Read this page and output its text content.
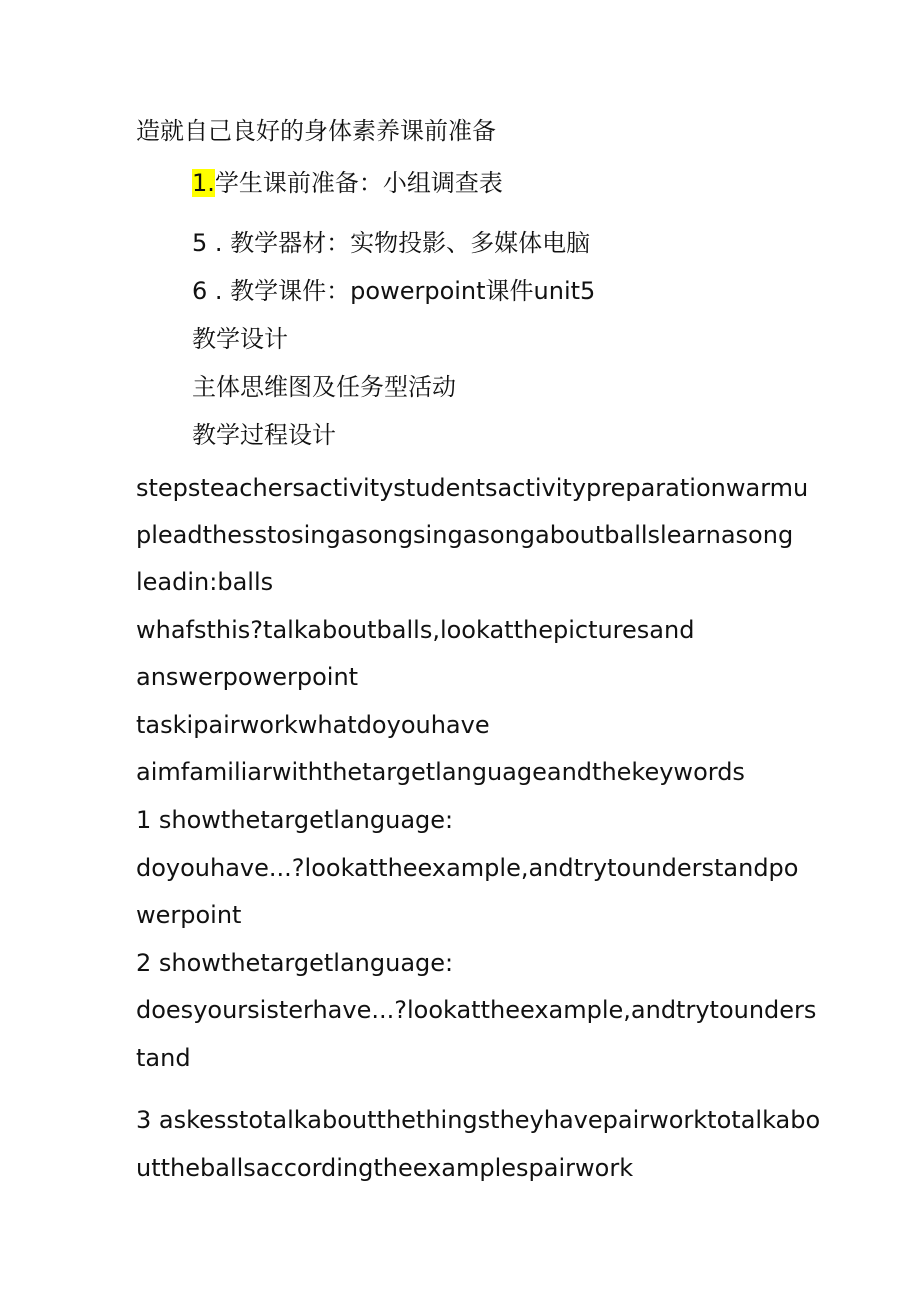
造就自己良好的身体素养课前准备
1.学生课前准备：小组调查表
5 . 教学器材：实物投影、多媒体电脑
6 . 教学课件：powerpoint课件unit5
教学设计
主体思维图及任务型活动
教学过程设计
stepsteachersactivitystudentsactivitypreparationwarmu
pleadthesstosingasongsingasongaboutballslearnasong
leadin:balls
whafsthis?talkaboutballs,lookatthepicturesand
answerpowerpoint
taskipairworkwhatdoyouhave
aimfamiliarwiththetargetlanguageandthekeywords
1 showthetargetlanguage:
doyouhave...?lookattheexample,andtrytounderstandpo
werpoint
2 showthetargetlanguage:
doesyoursisterhave...?lookattheexample,andtrytounders
tand
3 askesstotalkaboutthethingstheyhavepairworktotalkabo
uttheballsaccordingtheexamplespairwork
